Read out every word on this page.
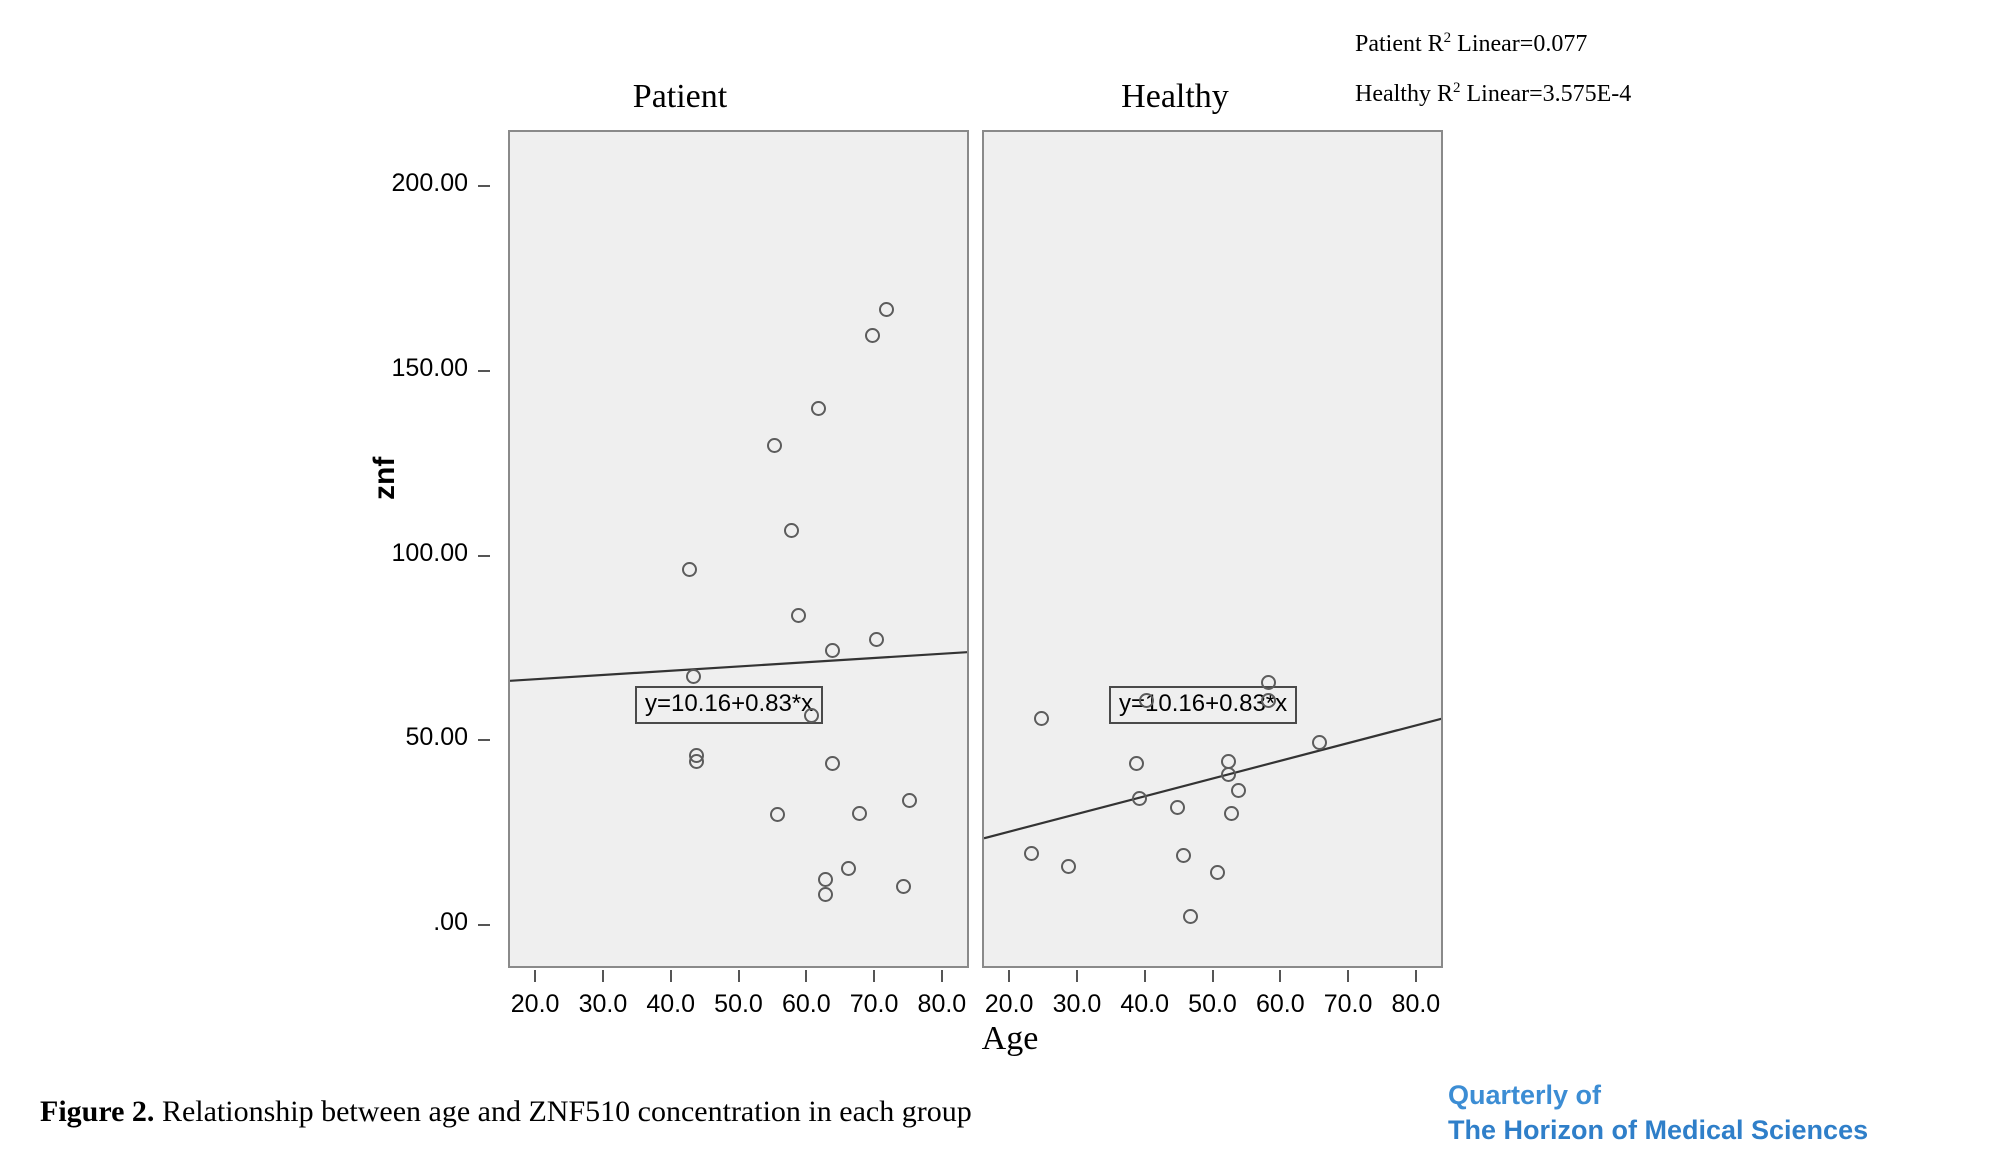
Patient $R^2$ Linear=0.077
Healthy $R^2$ Linear=3.575E-4
Patient	Healthy
200.00
150.00
100.00
50.00
.00
znf
y=10.16+0.83*x	y=10.16+0.83*x
20.0 30.0 40.0 50.0 60.0 70.0 80.0 20.0 30.0 40.0 50.0 60.0 70.0 80.0
Age
Figure 2. Relationship between age and ZNF510 concentration in each group	Quarterly of
The Horizon of Medical Sciences
